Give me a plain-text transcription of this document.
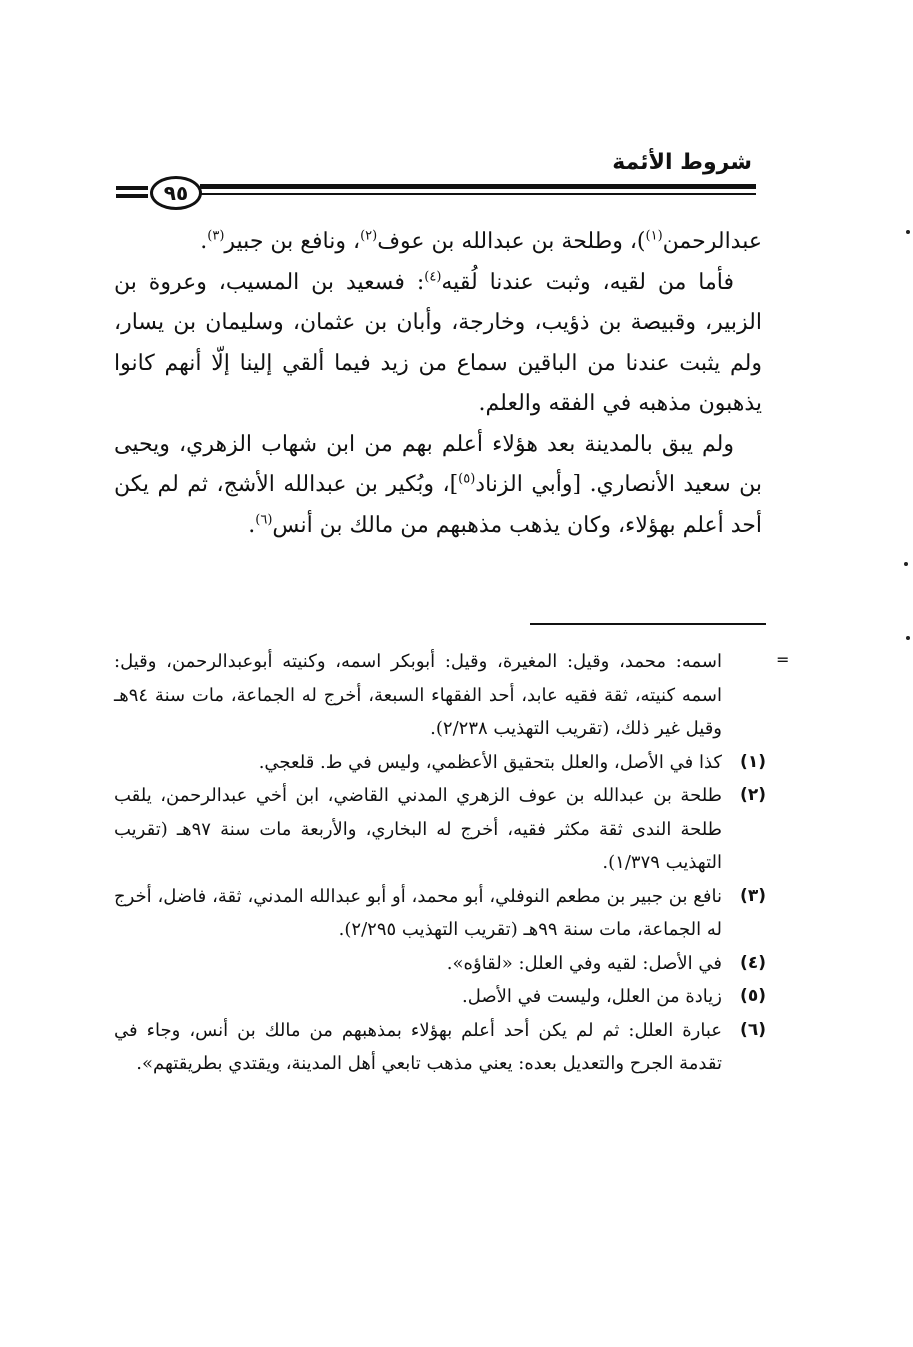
شروط الأئمة
٩٥

عبدالرحمن$^{(١)}$)، وطلحة بن عبدالله بن عوف$^{(٢)}$، ونافع بن جبير$^{(٣)}$.

فأما من لقيه، وثبت عندنا لُقيه$^{(٤)}$: فسعيد بن المسيب، وعروة بن الزبير، وقبيصة بن ذؤيب، وخارجة، وأبان بن عثمان، وسليمان بن يسار، ولم يثبت عندنا من الباقين سماع من زيد فيما ألقي إلينا إلّا أنهم كانوا يذهبون مذهبه في الفقه والعلم.

ولم يبق بالمدينة بعد هؤلاء أعلم بهم من ابن شهاب الزهري، ويحيى بن سعيد الأنصاري. [وأبي الزناد$^{(٥)}$]، وبُكير بن عبدالله الأشج، ثم لم يكن أحد أعلم بهؤلاء، وكان يذهب مذهبهم من مالك بن أنس$^{(٦)}$.

=
اسمه: محمد، وقيل: المغيرة، وقيل: أبوبكر اسمه، وكنيته أبوعبدالرحمن، وقيل: اسمه كنيته، ثقة فقيه عابد، أحد الفقهاء السبعة، أخرج له الجماعة، مات سنة ٩٤هـ وقيل غير ذلك، (تقريب التهذيب ٢/٢٣٨).
(١)
كذا في الأصل، والعلل بتحقيق الأعظمي، وليس في ط. قلعجي.
(٢)
طلحة بن عبدالله بن عوف الزهري المدني القاضي، ابن أخي عبدالرحمن، يلقب طلحة الندى ثقة مكثر فقيه، أخرج له البخاري، والأربعة مات سنة ٩٧هـ (تقريب التهذيب ١/٣٧٩).
(٣)
نافع بن جبير بن مطعم النوفلي، أبو محمد، أو أبو عبدالله المدني، ثقة، فاضل، أخرج له الجماعة، مات سنة ٩٩هـ (تقريب التهذيب ٢/٢٩٥).
(٤)
في الأصل: لقيه وفي العلل: «لقاؤه».
(٥)
زيادة من العلل، وليست في الأصل.
(٦)
عبارة العلل: ثم لم يكن أحد أعلم بهؤلاء بمذهبهم من مالك بن أنس، وجاء في تقدمة الجرح والتعديل بعده: يعني مذهب تابعي أهل المدينة، ويقتدي بطريقتهم».
